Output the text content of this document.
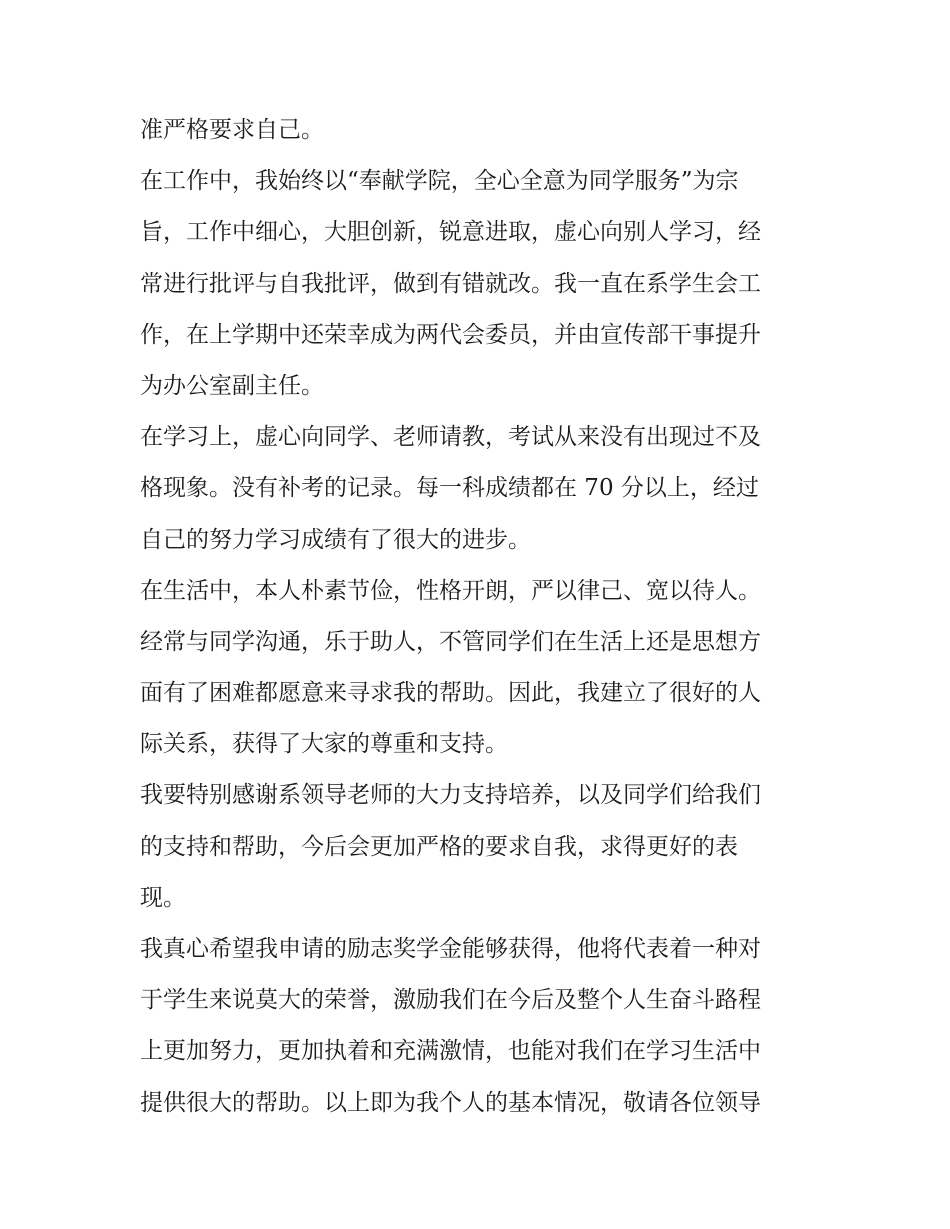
准严格要求自己。
在工作中，我始终以“奉献学院，全心全意为同学服务”为宗
旨，工作中细心，大胆创新，锐意进取，虚心向别人学习，经
常进行批评与自我批评，做到有错就改。我一直在系学生会工
作，在上学期中还荣幸成为两代会委员，并由宣传部干事提升
为办公室副主任。
在学习上，虚心向同学、老师请教，考试从来没有出现过不及
格现象。没有补考的记录。每一科成绩都在 70 分以上，经过
自己的努力学习成绩有了很大的进步。
在生活中，本人朴素节俭，性格开朗，严以律己、宽以待人。
经常与同学沟通，乐于助人，不管同学们在生活上还是思想方
面有了困难都愿意来寻求我的帮助。因此，我建立了很好的人
际关系，获得了大家的尊重和支持。
我要特别感谢系领导老师的大力支持培养，以及同学们给我们
的支持和帮助，今后会更加严格的要求自我，求得更好的表
现。
我真心希望我申请的励志奖学金能够获得，他将代表着一种对
于学生来说莫大的荣誉，激励我们在今后及整个人生奋斗路程
上更加努力，更加执着和充满激情，也能对我们在学习生活中
提供很大的帮助。以上即为我个人的基本情况，敬请各位领导
